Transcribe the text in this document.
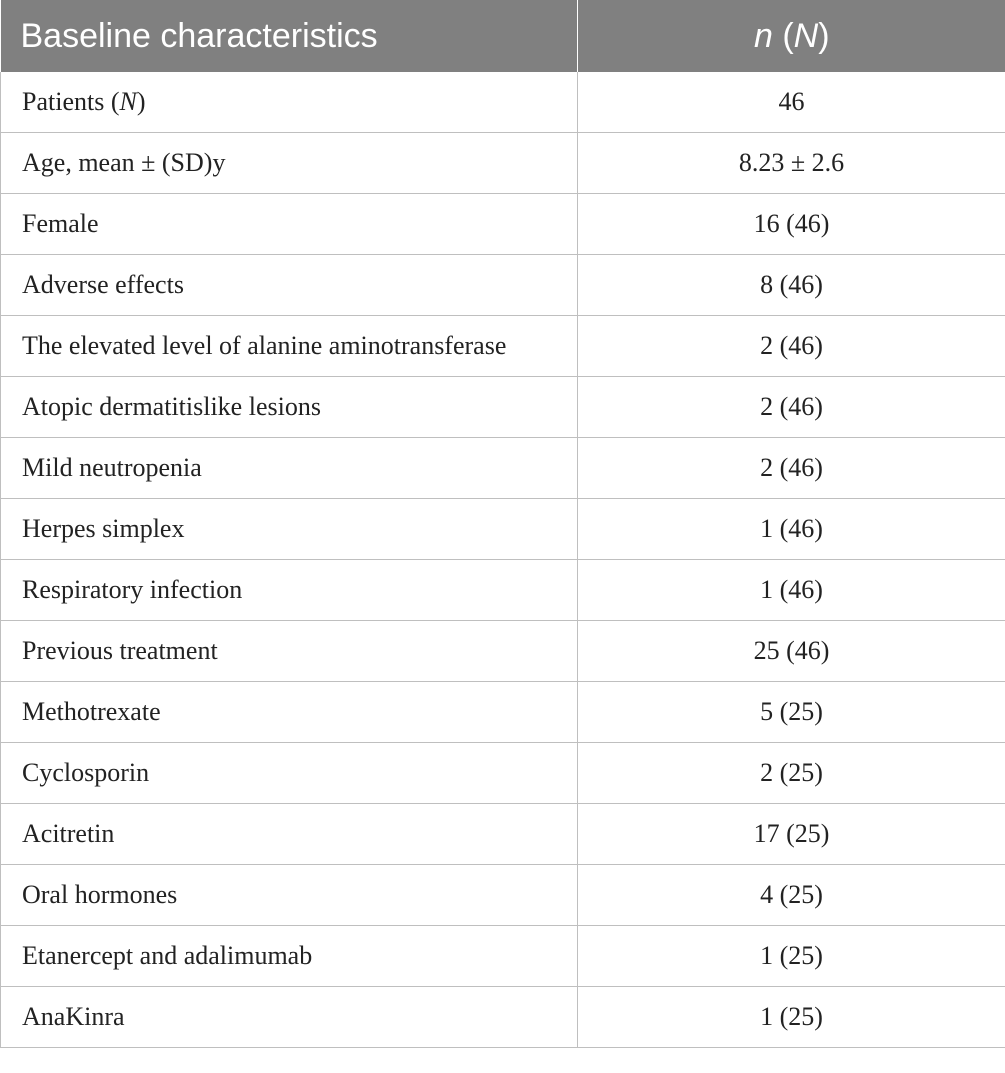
Baseline characteristics	n (N)
Patients (N)	46
Age, mean ± (SD)y	8.23 ± 2.6
Female	16 (46)
Adverse effects	8 (46)
The elevated level of alanine aminotransferase	2 (46)
Atopic dermatitislike lesions	2 (46)
Mild neutropenia	2 (46)
Herpes simplex	1 (46)
Respiratory infection	1 (46)
Previous treatment	25 (46)
Methotrexate	5 (25)
Cyclosporin	2 (25)
Acitretin	17 (25)
Oral hormones	4 (25)
Etanercept and adalimumab	1 (25)
AnaKinra	1 (25)
